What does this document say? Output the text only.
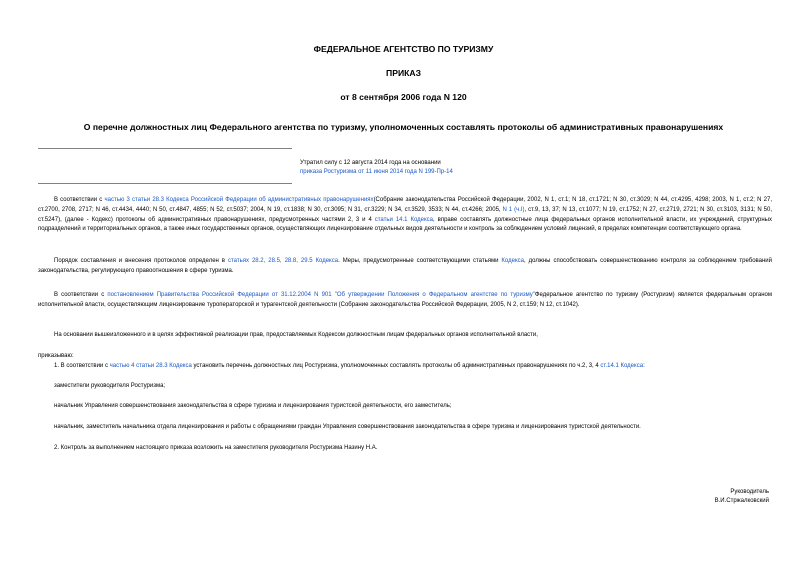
ФЕДЕРАЛЬНОЕ АГЕНТСТВО ПО ТУРИЗМУ
ПРИКАЗ
от 8 сентября 2006 года N 120
О перечне должностных лиц Федерального агентства по туризму, уполномоченных составлять протоколы об административных правонарушениях
Утратил силу с 12 августа 2014 года на основании
приказа Ростуризма от 11 июня 2014 года N 199-Пр-14
В соответствии с частью 3 статьи 28.3 Кодекса Российской Федерации об административных правонарушениях(Собрание законодательства Российской Федерации, 2002, N 1, ст.1; N 18, ст.1721; N 30, ст.3029; N 44, ст.4295, 4298; 2003, N 1, ст.2; N 27, ст.2700, 2708, 2717; N 46, ст.4434, 4440; N 50, ст.4847, 4855; N 52, ст.5037; 2004, N 19, ст.1838; N 30, ст.3095; N 31, ст.3229; N 34, ст.3529, 3533; N 44, ст.4266; 2005, N 1 (ч.I), ст.9, 13, 37; N 13, ст.1077; N 19, ст.1752; N 27, ст.2719, 2721; N 30, ст.3103, 3131; N 50, ст.5247), (далее - Кодекс) протоколы об административных правонарушениях, предусмотренных частями 2, 3 и 4 статьи 14.1 Кодекса, вправе составлять должностные лица федеральных органов исполнительной власти, их учреждений, структурных подразделений и территориальных органов, а также иных государственных органов, осуществляющих лицензирование отдельных видов деятельности и контроль за соблюдением условий лицензий, в пределах компетенции соответствующего органа.
Порядок составления и внесения протоколов определен в статьях 28.2, 28.5, 28.8, 29.5 Кодекса. Меры, предусмотренные соответствующими статьями Кодекса, должны способствовать совершенствованию контроля за соблюдением требований законодательства, регулирующего правоотношения в сфере туризма.
В соответствии с постановлением Правительства Российской Федерации от 31.12.2004 N 901 "Об утверждении Положения о Федеральном агентстве по туризму"Федеральное агентство по туризму (Ростуризм) является федеральным органом исполнительной власти, осуществляющим лицензирование туроператорской и турагентской деятельности (Собрание законодательства Российской Федерации, 2005, N 2, ст.159; N 12, ст.1042).
На основании вышеизложенного и в целях эффективной реализации прав, предоставляемых Кодексом должностным лицам федеральных органов исполнительной власти,
приказываю:
1. В соответствии с частью 4 статьи 28.3 Кодекса установить перечень должностных лиц Ростуризма, уполномоченных составлять протоколы об административных правонарушениях по ч.2, 3, 4 ст.14.1 Кодекса:
заместители руководителя Ростуризма;
начальник Управления совершенствования законодательства в сфере туризма и лицензирования туристской деятельности, его заместитель;
начальник, заместитель начальника отдела лицензирования и работы с обращениями граждан Управления совершенствования законодательства в сфере туризма и лицензирования туристской деятельности.
2. Контроль за выполнением настоящего приказа возложить на заместителя руководителя Ростуризма Назину Н.А.
Руководитель
В.И.Стржалковский
